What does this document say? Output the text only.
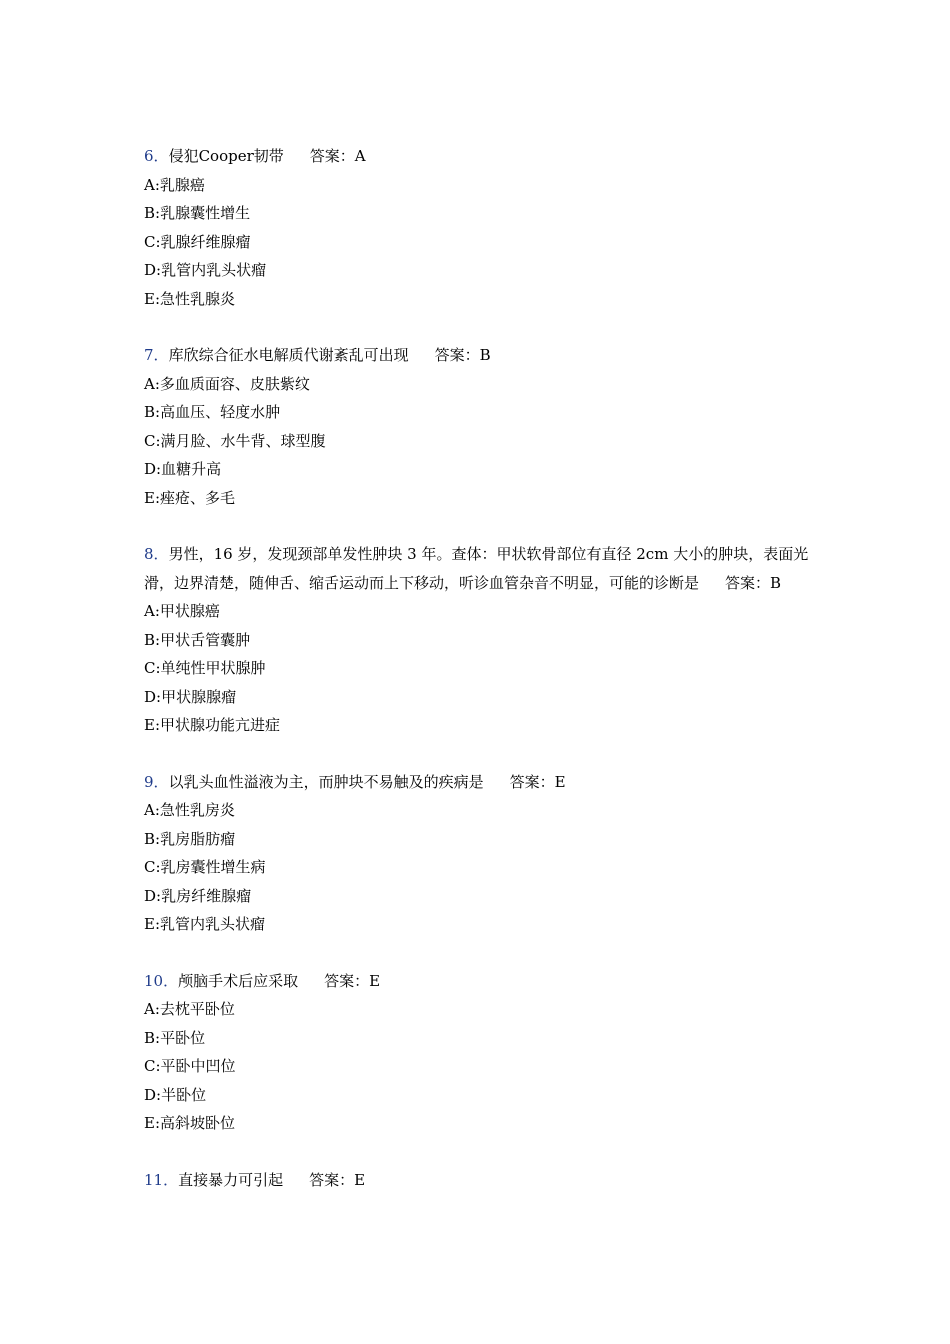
6．侵犯Cooper韧带 答案：A

A:乳腺癌

B:乳腺囊性增生

C:乳腺纤维腺瘤

D:乳管内乳头状瘤

E:急性乳腺炎

7．库欣综合征水电解质代谢紊乱可出现 答案：B

A:多血质面容、皮肤紫纹

B:高血压、轻度水肿

C:满月脸、水牛背、球型腹

D:血糖升高

E:痤疮、多毛

8．男性，16 岁，发现颈部单发性肿块 3 年。查体：甲状软骨部位有直径 2cm 大小的肿块，表面光滑，边界清楚，随伸舌、缩舌运动而上下移动，听诊血管杂音不明显，可能的诊断是 答案：B

A:甲状腺癌

B:甲状舌管囊肿

C:单纯性甲状腺肿

D:甲状腺腺瘤

E:甲状腺功能亢进症

9．以乳头血性溢液为主，而肿块不易触及的疾病是 答案：E

A:急性乳房炎

B:乳房脂肪瘤

C:乳房囊性增生病

D:乳房纤维腺瘤

E:乳管内乳头状瘤

10．颅脑手术后应采取 答案：E

A:去枕平卧位

B:平卧位

C:平卧中凹位

D:半卧位

E:高斜坡卧位

11．直接暴力可引起 答案：E
